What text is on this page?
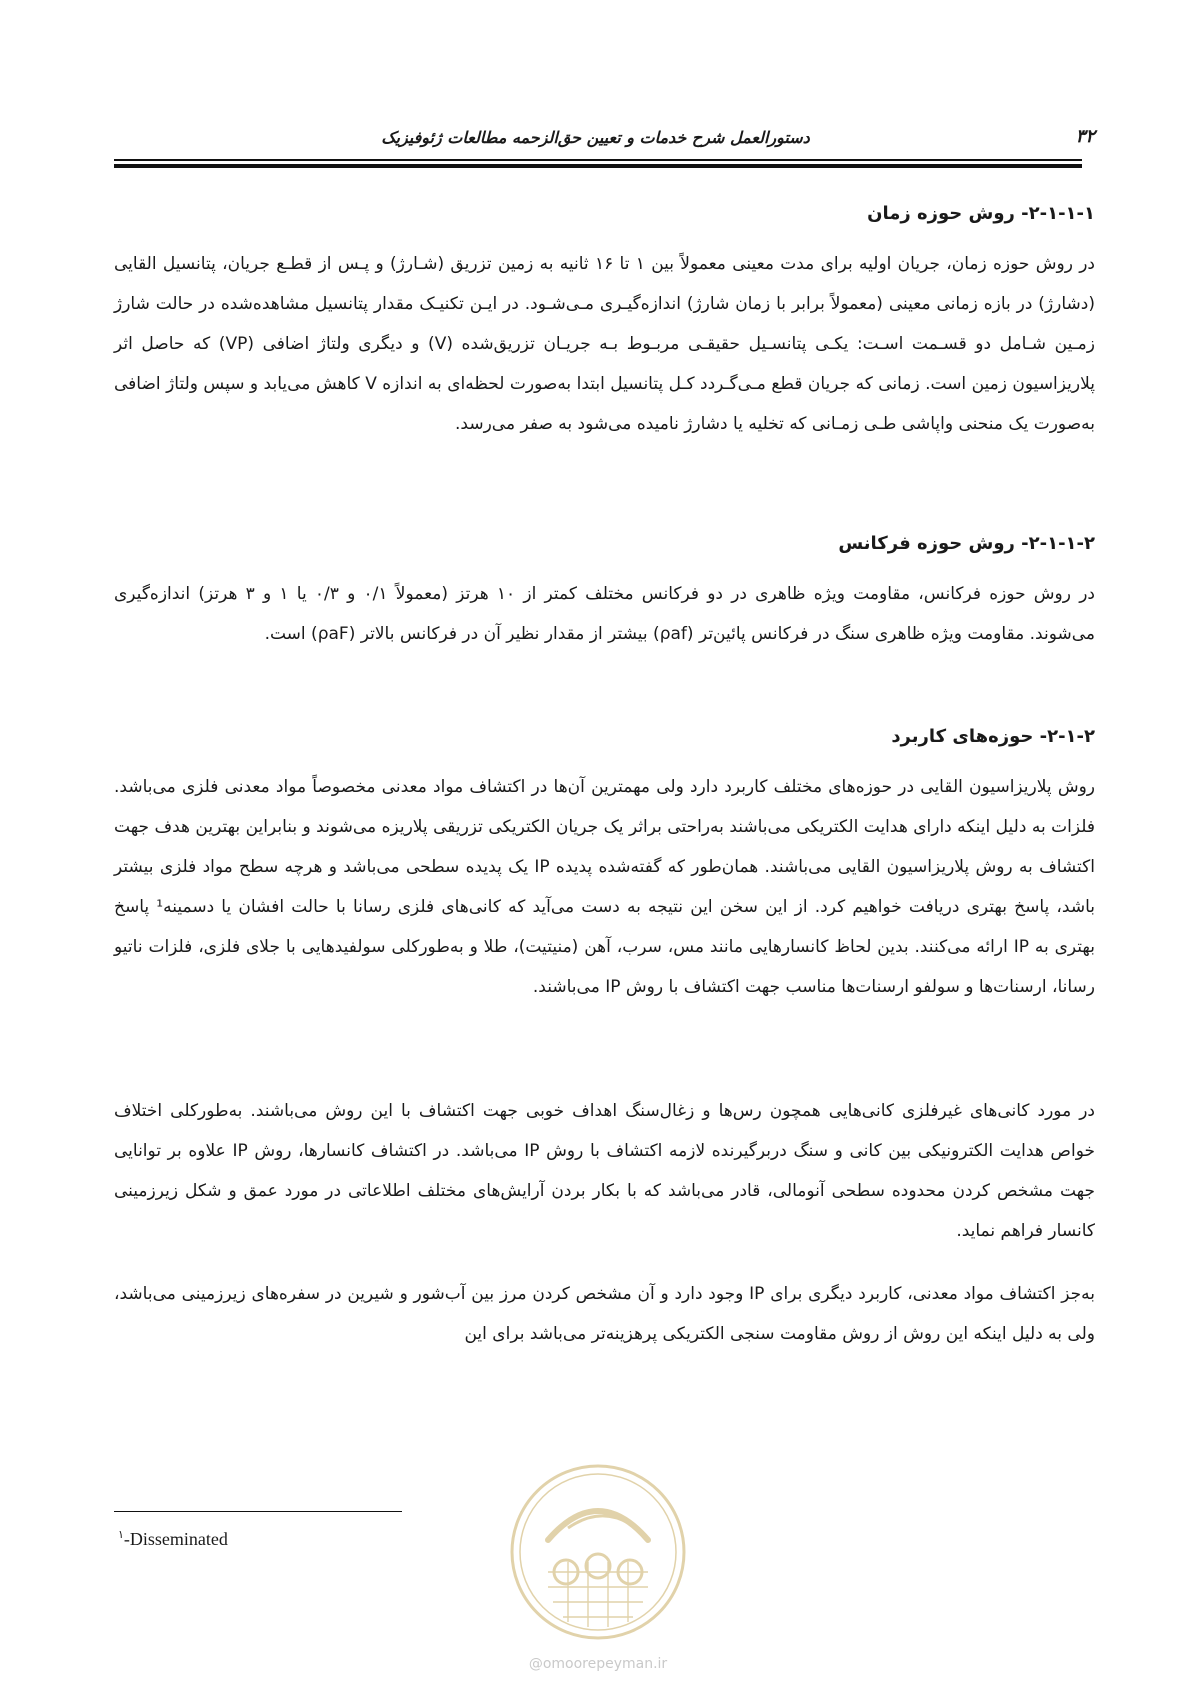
دستورالعمل شرح خدمات و تعیین حق‌الزحمه مطالعات ژئوفیزیک	۳۲
۲-۱-۱-۱- روش حوزه زمان
در روش حوزه زمان، جریان اولیه برای مدت معینی معمولاً بین ۱ تا ۱۶ ثانیه به زمین تزریق (شـارژ) و پـس از قطـع جریان، پتانسیل القایی (دشارژ) در بازه زمانی معینی (معمولاً برابر با زمان شارژ) اندازه‌گیـری مـی‌شـود. در ایـن تکنیـک مقدار پتانسیل مشاهده‌شده در حالت شارژ زمـین شـامل دو قسـمت اسـت: یکـی پتانسـیل حقیقـی مربـوط بـه جریـان تزریق‌شده (V) و دیگری ولتاژ اضافی (VP) که حاصل اثر پلاریزاسیون زمین است. زمانی که جریان قطع مـی‌گـردد کـل پتانسیل ابتدا به‌صورت لحظه‌ای به اندازه V کاهش می‌یابد و سپس ولتاژ اضافی به‌صورت یک منحنی واپاشی طـی زمـانی که تخلیه یا دشارژ نامیده می‌شود به صفر می‌رسد.
۲-۱-۱-۲- روش حوزه فرکانس
در روش حوزه فرکانس، مقاومت ویژه ظاهری در دو فرکانس مختلف کمتر از ۱۰ هرتز (معمولاً ۰/۱ و ۰/۳ یا ۱ و ۳ هرتز) اندازه‌گیری می‌شوند. مقاومت ویژه ظاهری سنگ در فرکانس پائین‌تر (ρaf) بیشتر از مقدار نظیر آن در فرکانس بالاتر (ρaF) است.
۲-۱-۲- حوزه‌های کاربرد
روش پلاریزاسیون القایی در حوزه‌های مختلف کاربرد دارد ولی مهمترین آن‌ها در اکتشاف مواد معدنی مخصوصاً مواد معدنی فلزی می‌باشد. فلزات به دلیل اینکه دارای هدایت الکتریکی می‌باشند به‌راحتی براثر یک جریان الکتریکی تزریقی پلاریزه می‌شوند و بنابراین بهترین هدف جهت اکتشاف به روش پلاریزاسیون القایی می‌باشند. همان‌طور که گفته‌شده پدیده IP یک پدیده سطحی می‌باشد و هرچه سطح مواد فلزی بیشتر باشد، پاسخ بهتری دریافت خواهیم کرد. از این سخن این نتیجه به دست می‌آید که کانی‌های فلزی رسانا با حالت افشان یا دسمینه¹ پاسخ بهتری به IP ارائه می‌کنند. بدین لحاظ کانسارهایی مانند مس، سرب، آهن (منیتیت)، طلا و به‌طورکلی سولفیدهایی با جلای فلزی، فلزات ناتیو رسانا، ارسنات‌ها و سولفو ارسنات‌ها مناسب جهت اکتشاف با روش IP می‌باشند.
در مورد کانی‌های غیرفلزی کانی‌هایی همچون رس‌ها و زغال‌سنگ اهداف خوبی جهت اکتشاف با این روش می‌باشند. به‌طورکلی اختلاف خواص هدایت الکترونیکی بین کانی و سنگ دربرگیرنده لازمه اکتشاف با روش IP می‌باشد. در اکتشاف کانسارها، روش IP علاوه بر توانایی جهت مشخص کردن محدوده سطحی آنومالی، قادر می‌باشد که با بکار بردن آرایش‌های مختلف اطلاعاتی در مورد عمق و شکل زیرزمینی کانسار فراهم نماید.
به‌جز اکتشاف مواد معدنی، کاربرد دیگری برای IP وجود دارد و آن مشخص کردن مرز بین آب‌شور و شیرین در سفره‌های زیرزمینی می‌باشد، ولی به دلیل اینکه این روش از روش مقاومت سنجی الکتریکی پرهزینه‌تر می‌باشد برای این
$^۱$-Disseminated
@omoorepeyman.ir
